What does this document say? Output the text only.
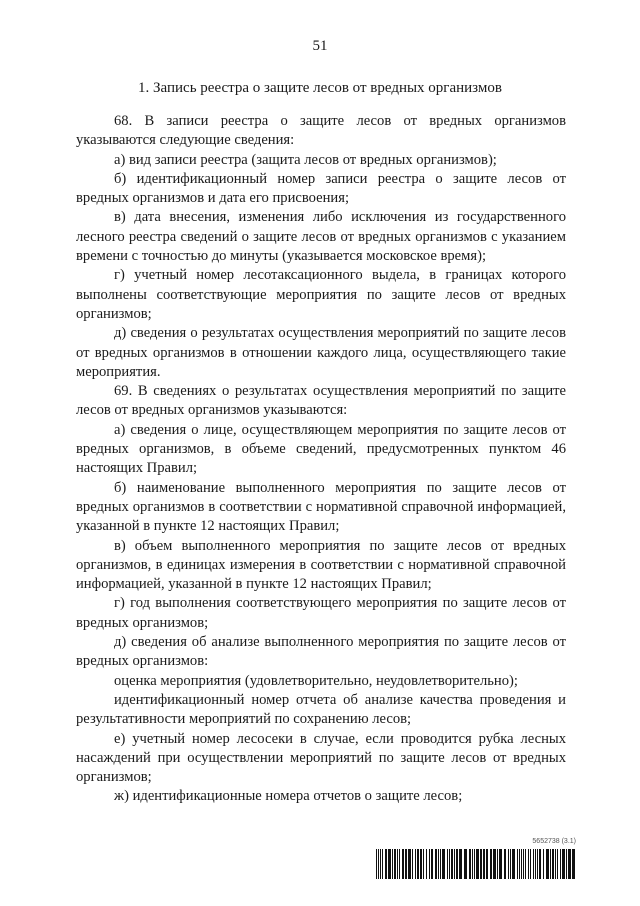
51
1. Запись реестра о защите лесов от вредных организмов

68. В записи реестра о защите лесов от вредных организмов указываются следующие сведения:

а) вид записи реестра (защита лесов от вредных организмов);

б) идентификационный номер записи реестра о защите лесов от вредных организмов и дата его присвоения;

в) дата внесения, изменения либо исключения из государственного лесного реестра сведений о защите лесов от вредных организмов с указанием времени с точностью до минуты (указывается московское время);

г) учетный номер лесотаксационного выдела, в границах которого выполнены соответствующие мероприятия по защите лесов от вредных организмов;

д) сведения о результатах осуществления мероприятий по защите лесов от вредных организмов в отношении каждого лица, осуществляющего такие мероприятия.

69. В сведениях о результатах осуществления мероприятий по защите лесов от вредных организмов указываются:

а) сведения о лице, осуществляющем мероприятия по защите лесов от вредных организмов, в объеме сведений, предусмотренных пунктом 46 настоящих Правил;

б) наименование выполненного мероприятия по защите лесов от вредных организмов в соответствии с нормативной справочной информацией, указанной в пункте 12 настоящих Правил;

в) объем выполненного мероприятия по защите лесов от вредных организмов, в единицах измерения в соответствии с нормативной справочной информацией, указанной в пункте 12 настоящих Правил;

г) год выполнения соответствующего мероприятия по защите лесов от вредных организмов;

д) сведения об анализе выполненного мероприятия по защите лесов от вредных организмов:

оценка мероприятия (удовлетворительно, неудовлетворительно);

идентификационный номер отчета об анализе качества проведения и результативности мероприятий по сохранению лесов;

е) учетный номер лесосеки в случае, если проводится рубка лесных насаждений при осуществлении мероприятий по защите лесов от вредных организмов;

ж) идентификационные номера отчетов о защите лесов;

5652738 (3.1)
